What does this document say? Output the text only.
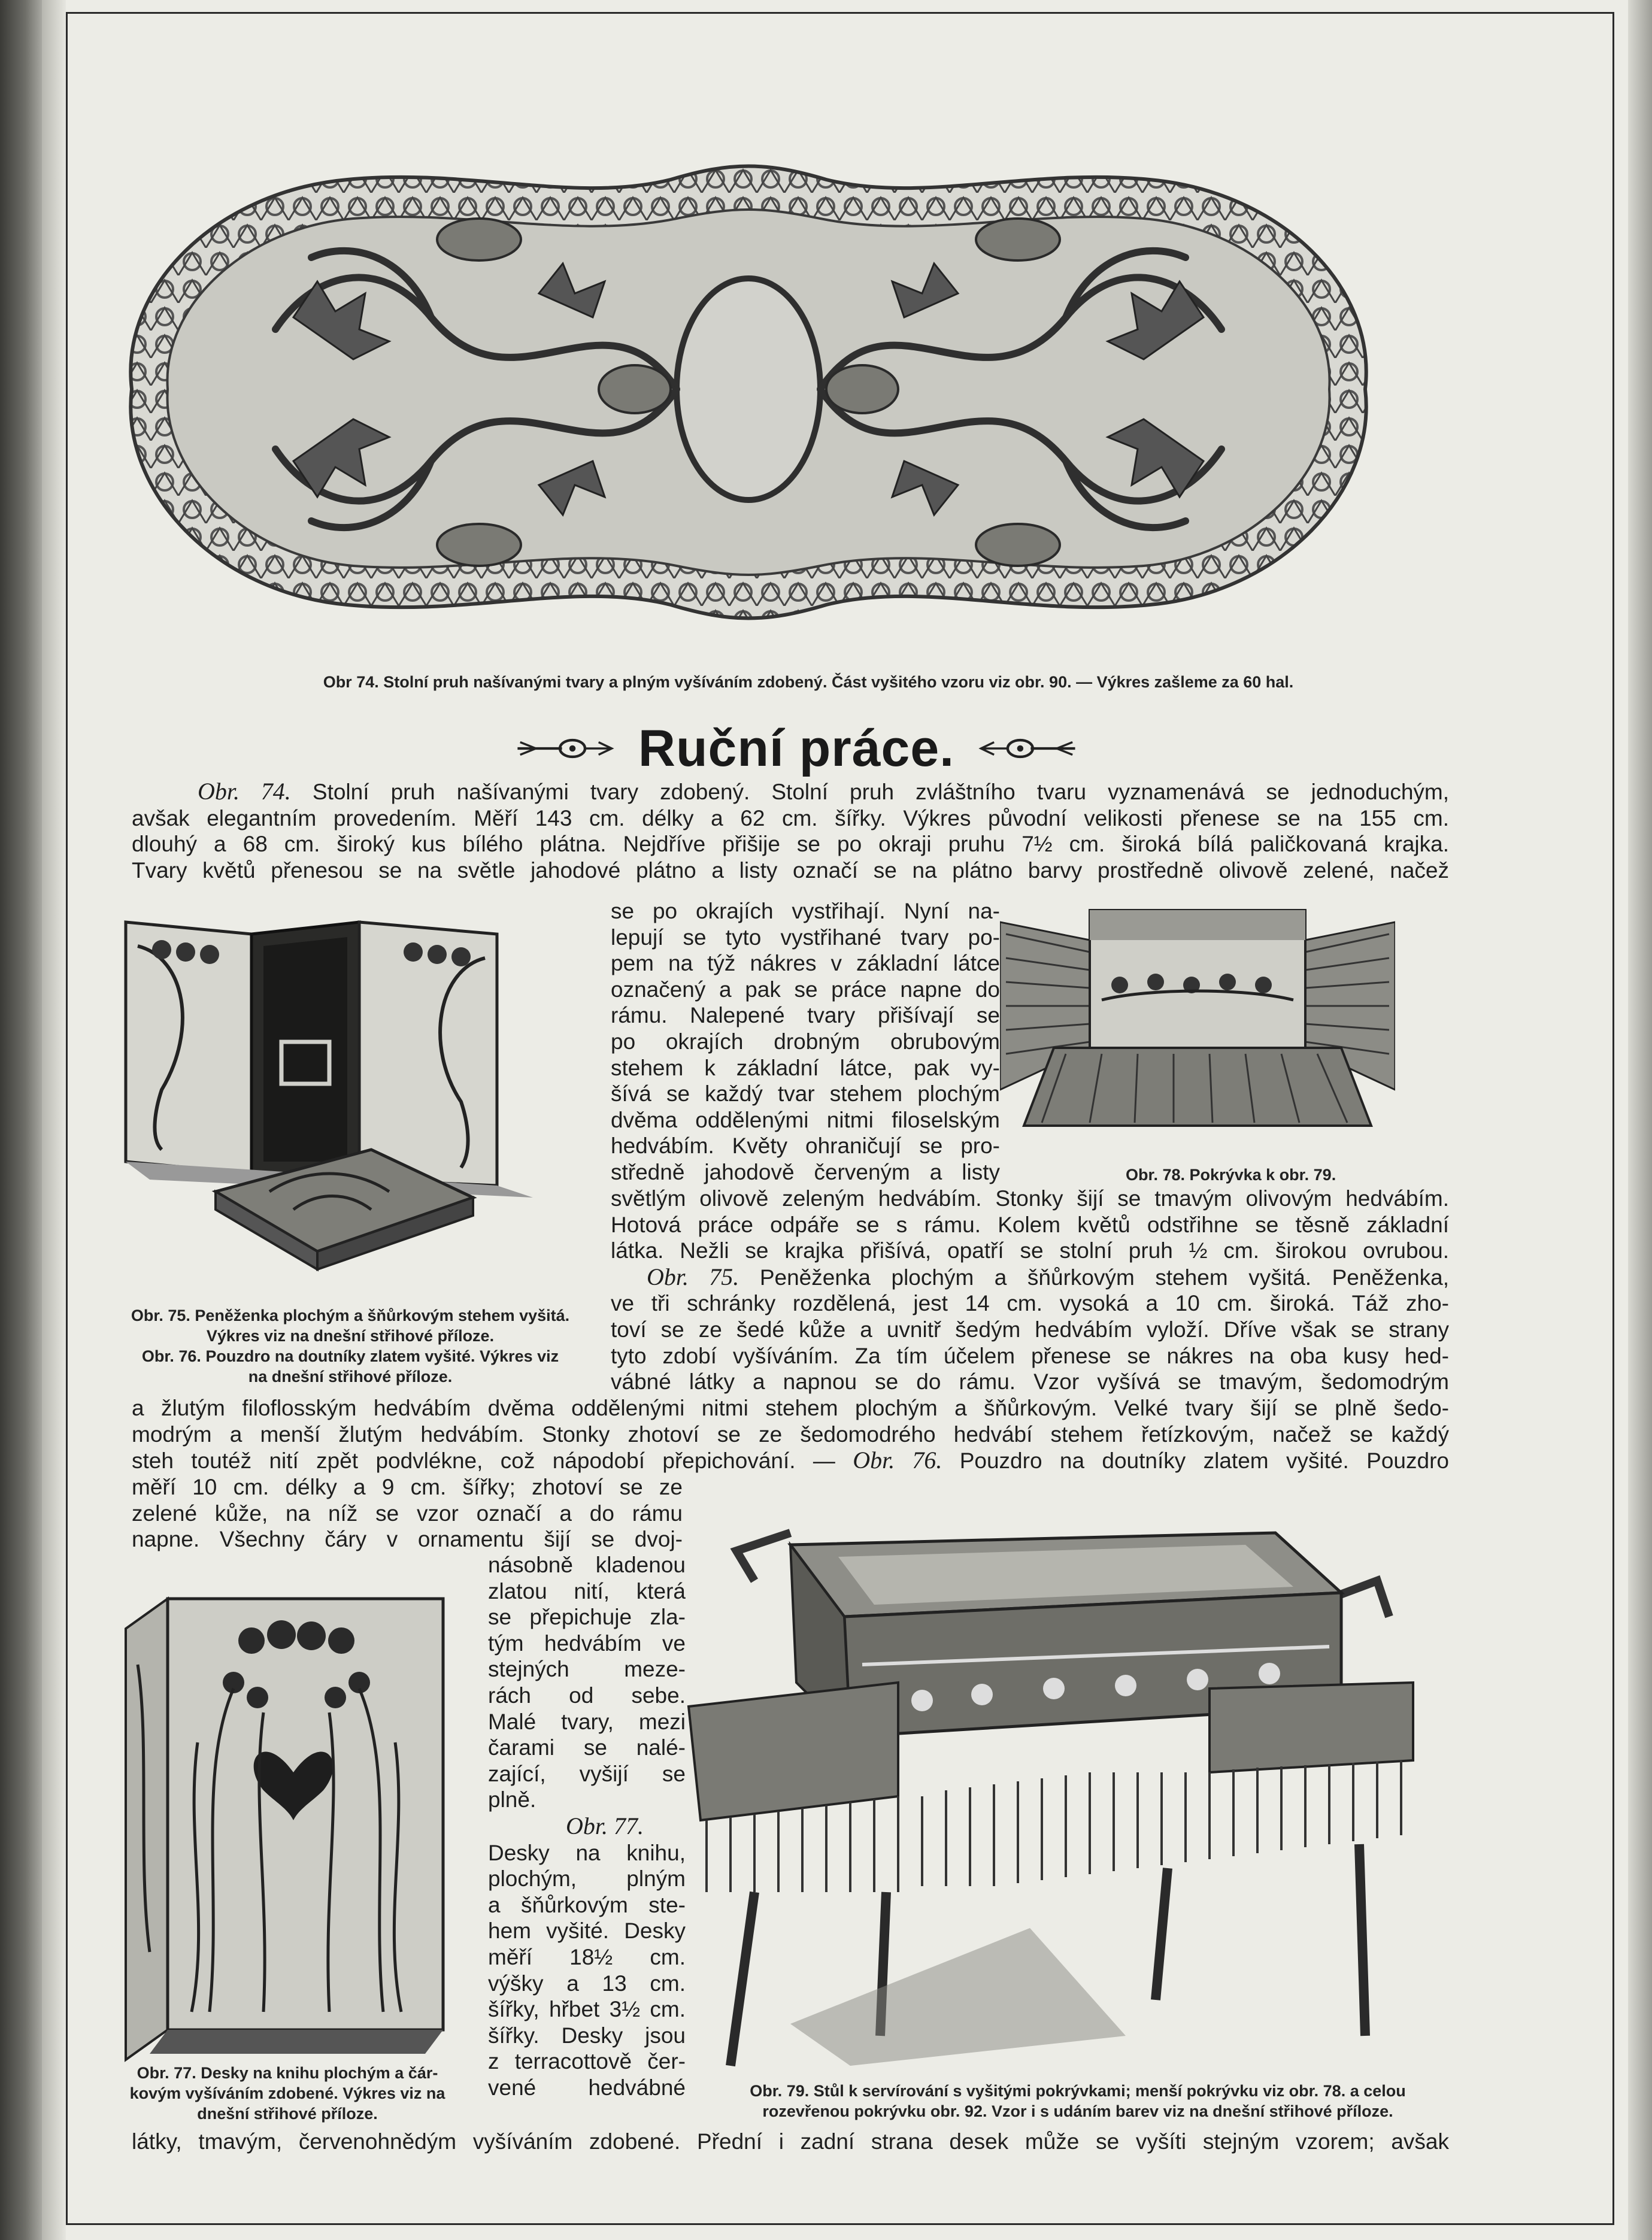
Obr 74. Stolní pruh našívanými tvary a plným vyšíváním zdobený. Část vyšitého vzoru viz obr. 90. — Výkres zašleme za 60 hal.
Ruční práce.

Obr. 74. Stolní pruh našívanými tvary zdobený. Stolní pruh zvláštního tvaru vyznamenává se jednoduchým,

avšak elegantním provedením. Měří 143 cm. délky a 62 cm. šířky. Výkres původní velikosti přenese se na 155 cm.

dlouhý a 68 cm. široký kus bílého plátna. Nejdříve přišije se po okraji pruhu 7½ cm. široká bílá paličkovaná krajka.

Tvary květů přenesou se na světle jahodové plátno a listy označí se na plátno barvy prostředně olivově zelené, načež

Obr. 75. Peněženka plochým a šňůrkovým stehem vyšitá.
Výkres viz na dnešní střihové příloze.
Obr. 76. Pouzdro na doutníky zlatem vyšité. Výkres viz
na dnešní střihové příloze.

se po okrajích vystřihají. Nyní na-

lepují se tyto vystřihané tvary po-

pem na týž nákres v základní látce

označený a pak se práce napne do

rámu. Nalepené tvary přišívají se

po okrajích drobným obrubovým

stehem k základní látce, pak vy-

šívá se každý tvar stehem plochým

dvěma oddělenými nitmi filoselským

hedvábím. Květy ohraničují se pro-

středně jahodově červeným a listy	Obr. 78. Pokrývka k obr. 79.

světlým olivově zeleným hedvábím. Stonky šijí se tmavým olivovým hedvábím.

Hotová práce odpáře se s rámu. Kolem květů odstřihne se těsně základní

látka. Nežli se krajka přišívá, opatří se stolní pruh ½ cm. širokou ovrubou.

Obr. 75. Peněženka plochým a šňůrkovým stehem vyšitá. Peněženka,

ve tři schránky rozdělená, jest 14 cm. vysoká a 10 cm. široká. Táž zho-

toví se ze šedé kůže a uvnitř šedým hedvábím vyloží. Dříve však se strany

tyto zdobí vyšíváním. Za tím účelem přenese se nákres na oba kusy hed-

vábné látky a napnou se do rámu. Vzor vyšívá se tmavým, šedomodrým

a žlutým filoflosským hedvábím dvěma oddělenými nitmi stehem plochým a šňůrkovým. Velké tvary šijí se plně šedo-

modrým a menší žlutým hedvábím. Stonky zhotoví se ze šedomodrého hedvábí stehem řetízkovým, načež se každý

steh toutéž nití zpět podvlékne, což nápodobí přepichování. — Obr. 76. Pouzdro na doutníky zlatem vyšité. Pouzdro

měří 10 cm. délky a 9 cm. šířky; zhotoví se ze

zelené kůže, na níž se vzor označí a do rámu

napne. Všechny čáry v ornamentu šijí se dvoj-

Obr. 77. Desky na knihu plochým a čár-
kovým vyšíváním zdobené. Výkres viz na
dnešní střihové příloze.

násobně kladenou

zlatou nití, která

se přepichuje zla-

tým hedvábím ve

stejných meze-

rách od sebe.

Malé tvary, mezi

čarami se nalé-

zající, vyšijí se

plně.

Obr. 77.

Desky na knihu,

plochým, plným

a šňůrkovým ste-

hem vyšité. Desky

měří 18½ cm.

výšky a 13 cm.

šířky, hřbet 3½ cm.

šířky. Desky jsou

z terracottově čer-

vené hedvábné	Obr. 79. Stůl k servírování s vyšitými pokrývkami; menší pokrývku viz obr. 78. a celou
rozevřenou pokrývku obr. 92. Vzor i s udáním barev viz na dnešní střihové příloze.

látky, tmavým, červenohnědým vyšíváním zdobené. Přední i zadní strana desek může se vyšíti stejným vzorem; avšak
